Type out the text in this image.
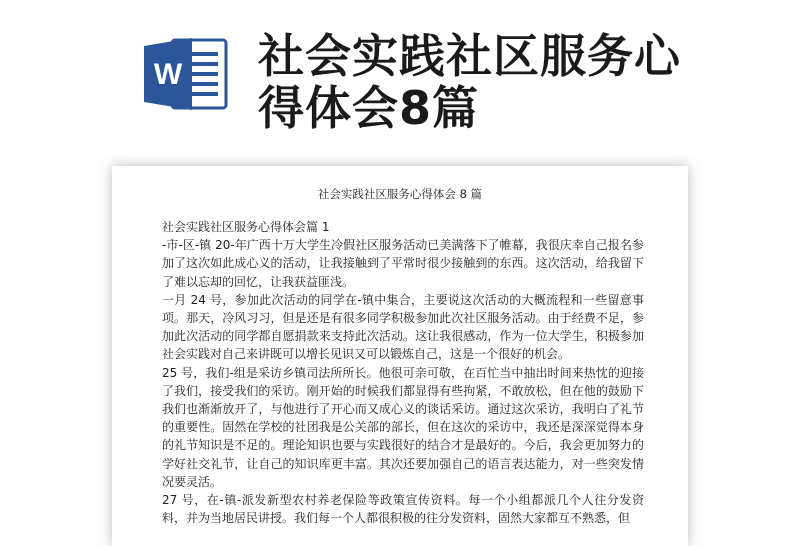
W 社会实践社区服务心
得体会8篇
社会实践社区服务心得体会 8 篇

社会实践社区服务心得体会篇 1

-市-区-镇 20-年广西十万大学生冷假社区服务活动已美满落下了帷幕，我很庆幸自己报名参加了这次如此成心义的活动，让我接触到了平常时很少接触到的东西。这次活动，给我留下了难以忘却的回忆，让我获益匪浅。

一月 24 号，参加此次活动的同学在-镇中集合，主要说这次活动的大概流程和一些留意事项。那天，冷风习习，但是还是有很多同学积极参加此次社区服务活动。由于经费不足，参加此次活动的同学都自愿捐款来支持此次活动。这让我很感动，作为一位大学生，积极参加社会实践对自己来讲既可以增长见识又可以锻炼自己，这是一个很好的机会。

25 号，我们-组是采访乡镇司法所所长。他很可亲可敬，在百忙当中抽出时间来热忱的迎接了我们，接受我们的采访。刚开始的时候我们都显得有些拘紧，不敢放松，但在他的鼓励下我们也渐渐放开了，与他进行了开心而又成心义的谈话采访。通过这次采访，我明白了礼节的重要性。固然在学校的社团我是公关部的部长，但在这次的采访中，我还是深深觉得本身的礼节知识是不足的。理论知识也要与实践很好的结合才是最好的。今后，我会更加努力的学好社交礼节，让自己的知识库更丰富。其次还要加强自己的语言表达能力，对一些突发情况要灵活。

27 号，在-镇-派发新型农村养老保险等政策宣传资料。每一个小组都派几个人往分发资料，并为当地居民讲授。我们每一个人都很积极的往分发资料，固然大家都互不熟悉，但
